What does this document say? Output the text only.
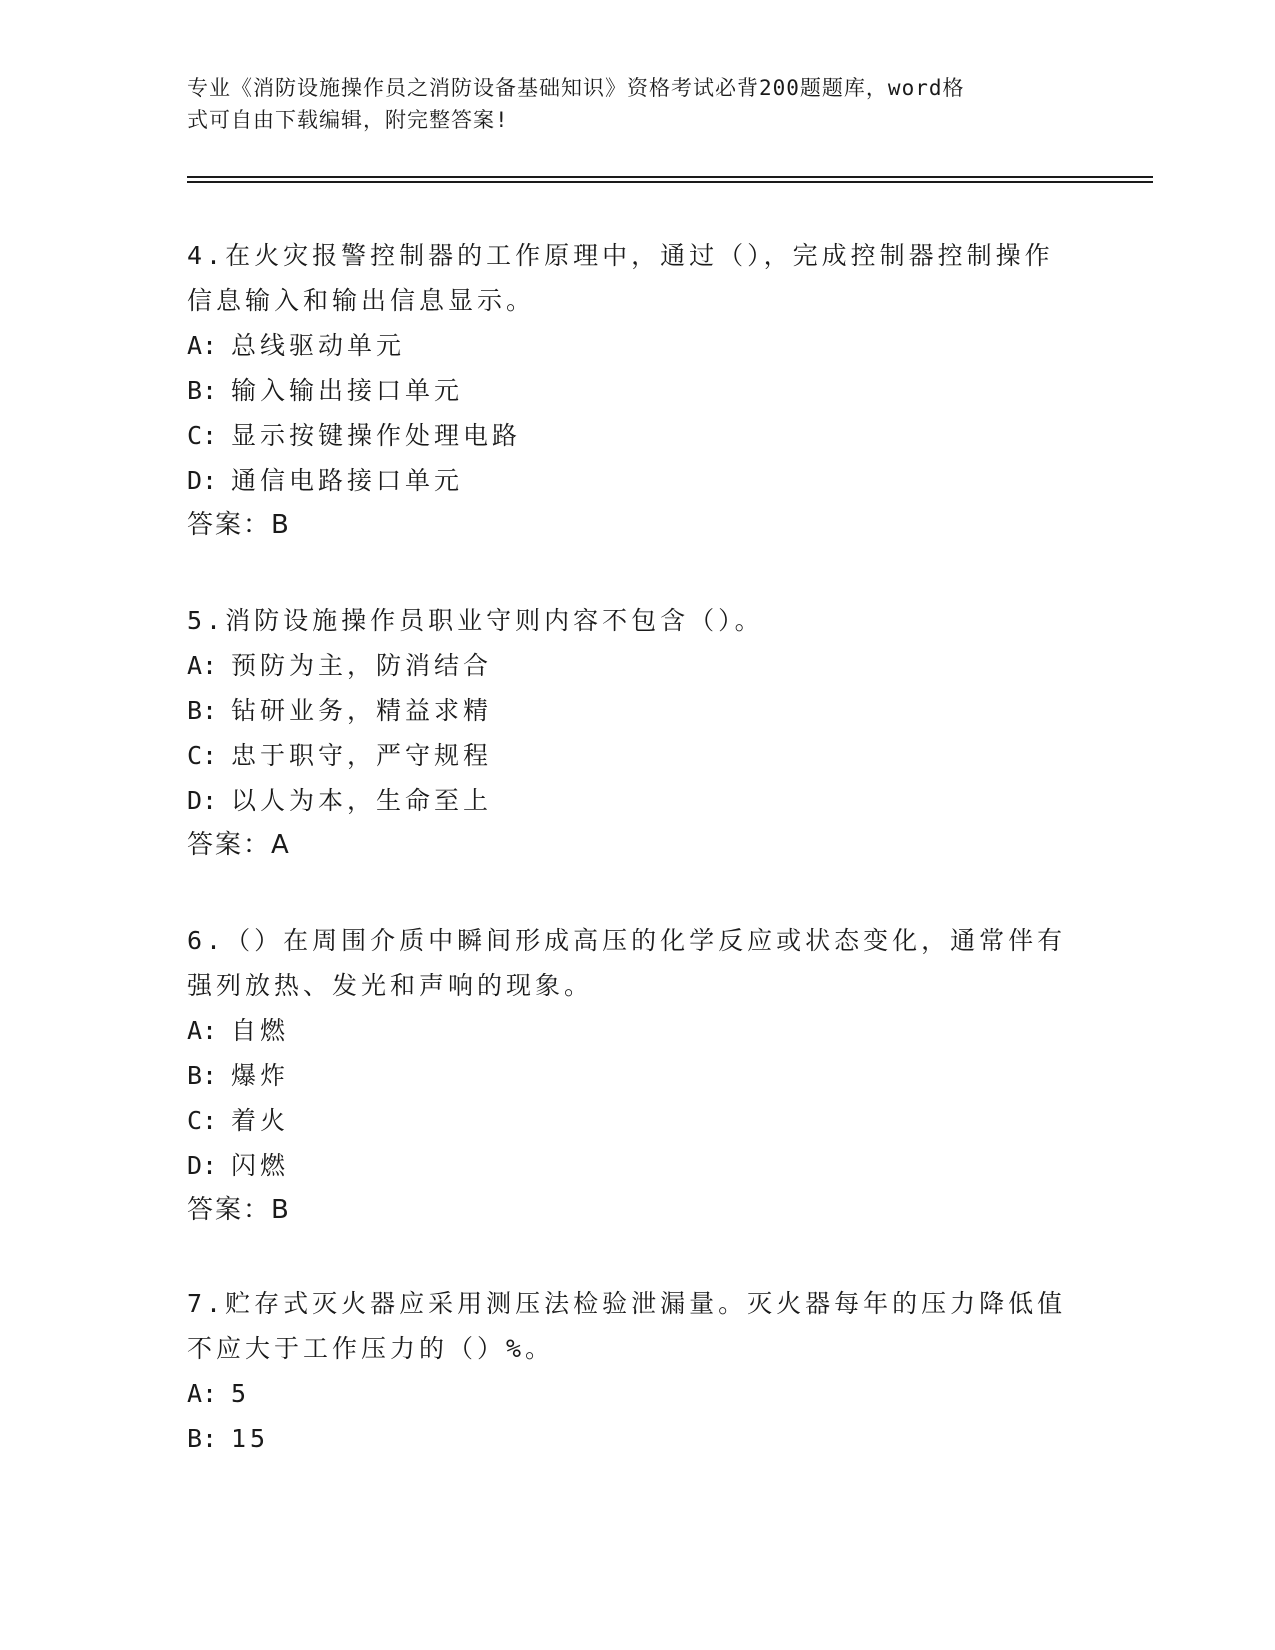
专业《消防设施操作员之消防设备基础知识》资格考试必背200题题库，word格
式可自由下载编辑，附完整答案!

4.在火灾报警控制器的工作原理中，通过（），完成控制器控制操作信息输入和输出信息显示。

A: 总线驱动单元

B: 输入输出接口单元

C: 显示按键操作处理电路

D: 通信电路接口单元

答案：B

5.消防设施操作员职业守则内容不包含（）。

A: 预防为主，防消结合

B: 钻研业务，精益求精

C: 忠于职守，严守规程

D: 以人为本，生命至上

答案：A

6.（）在周围介质中瞬间形成高压的化学反应或状态变化，通常伴有强列放热、发光和声响的现象。

A: 自燃

B: 爆炸

C: 着火

D: 闪燃

答案：B

7.贮存式灭火器应采用测压法检验泄漏量。灭火器每年的压力降低值不应大于工作压力的（）%。

A: 5

B: 15
